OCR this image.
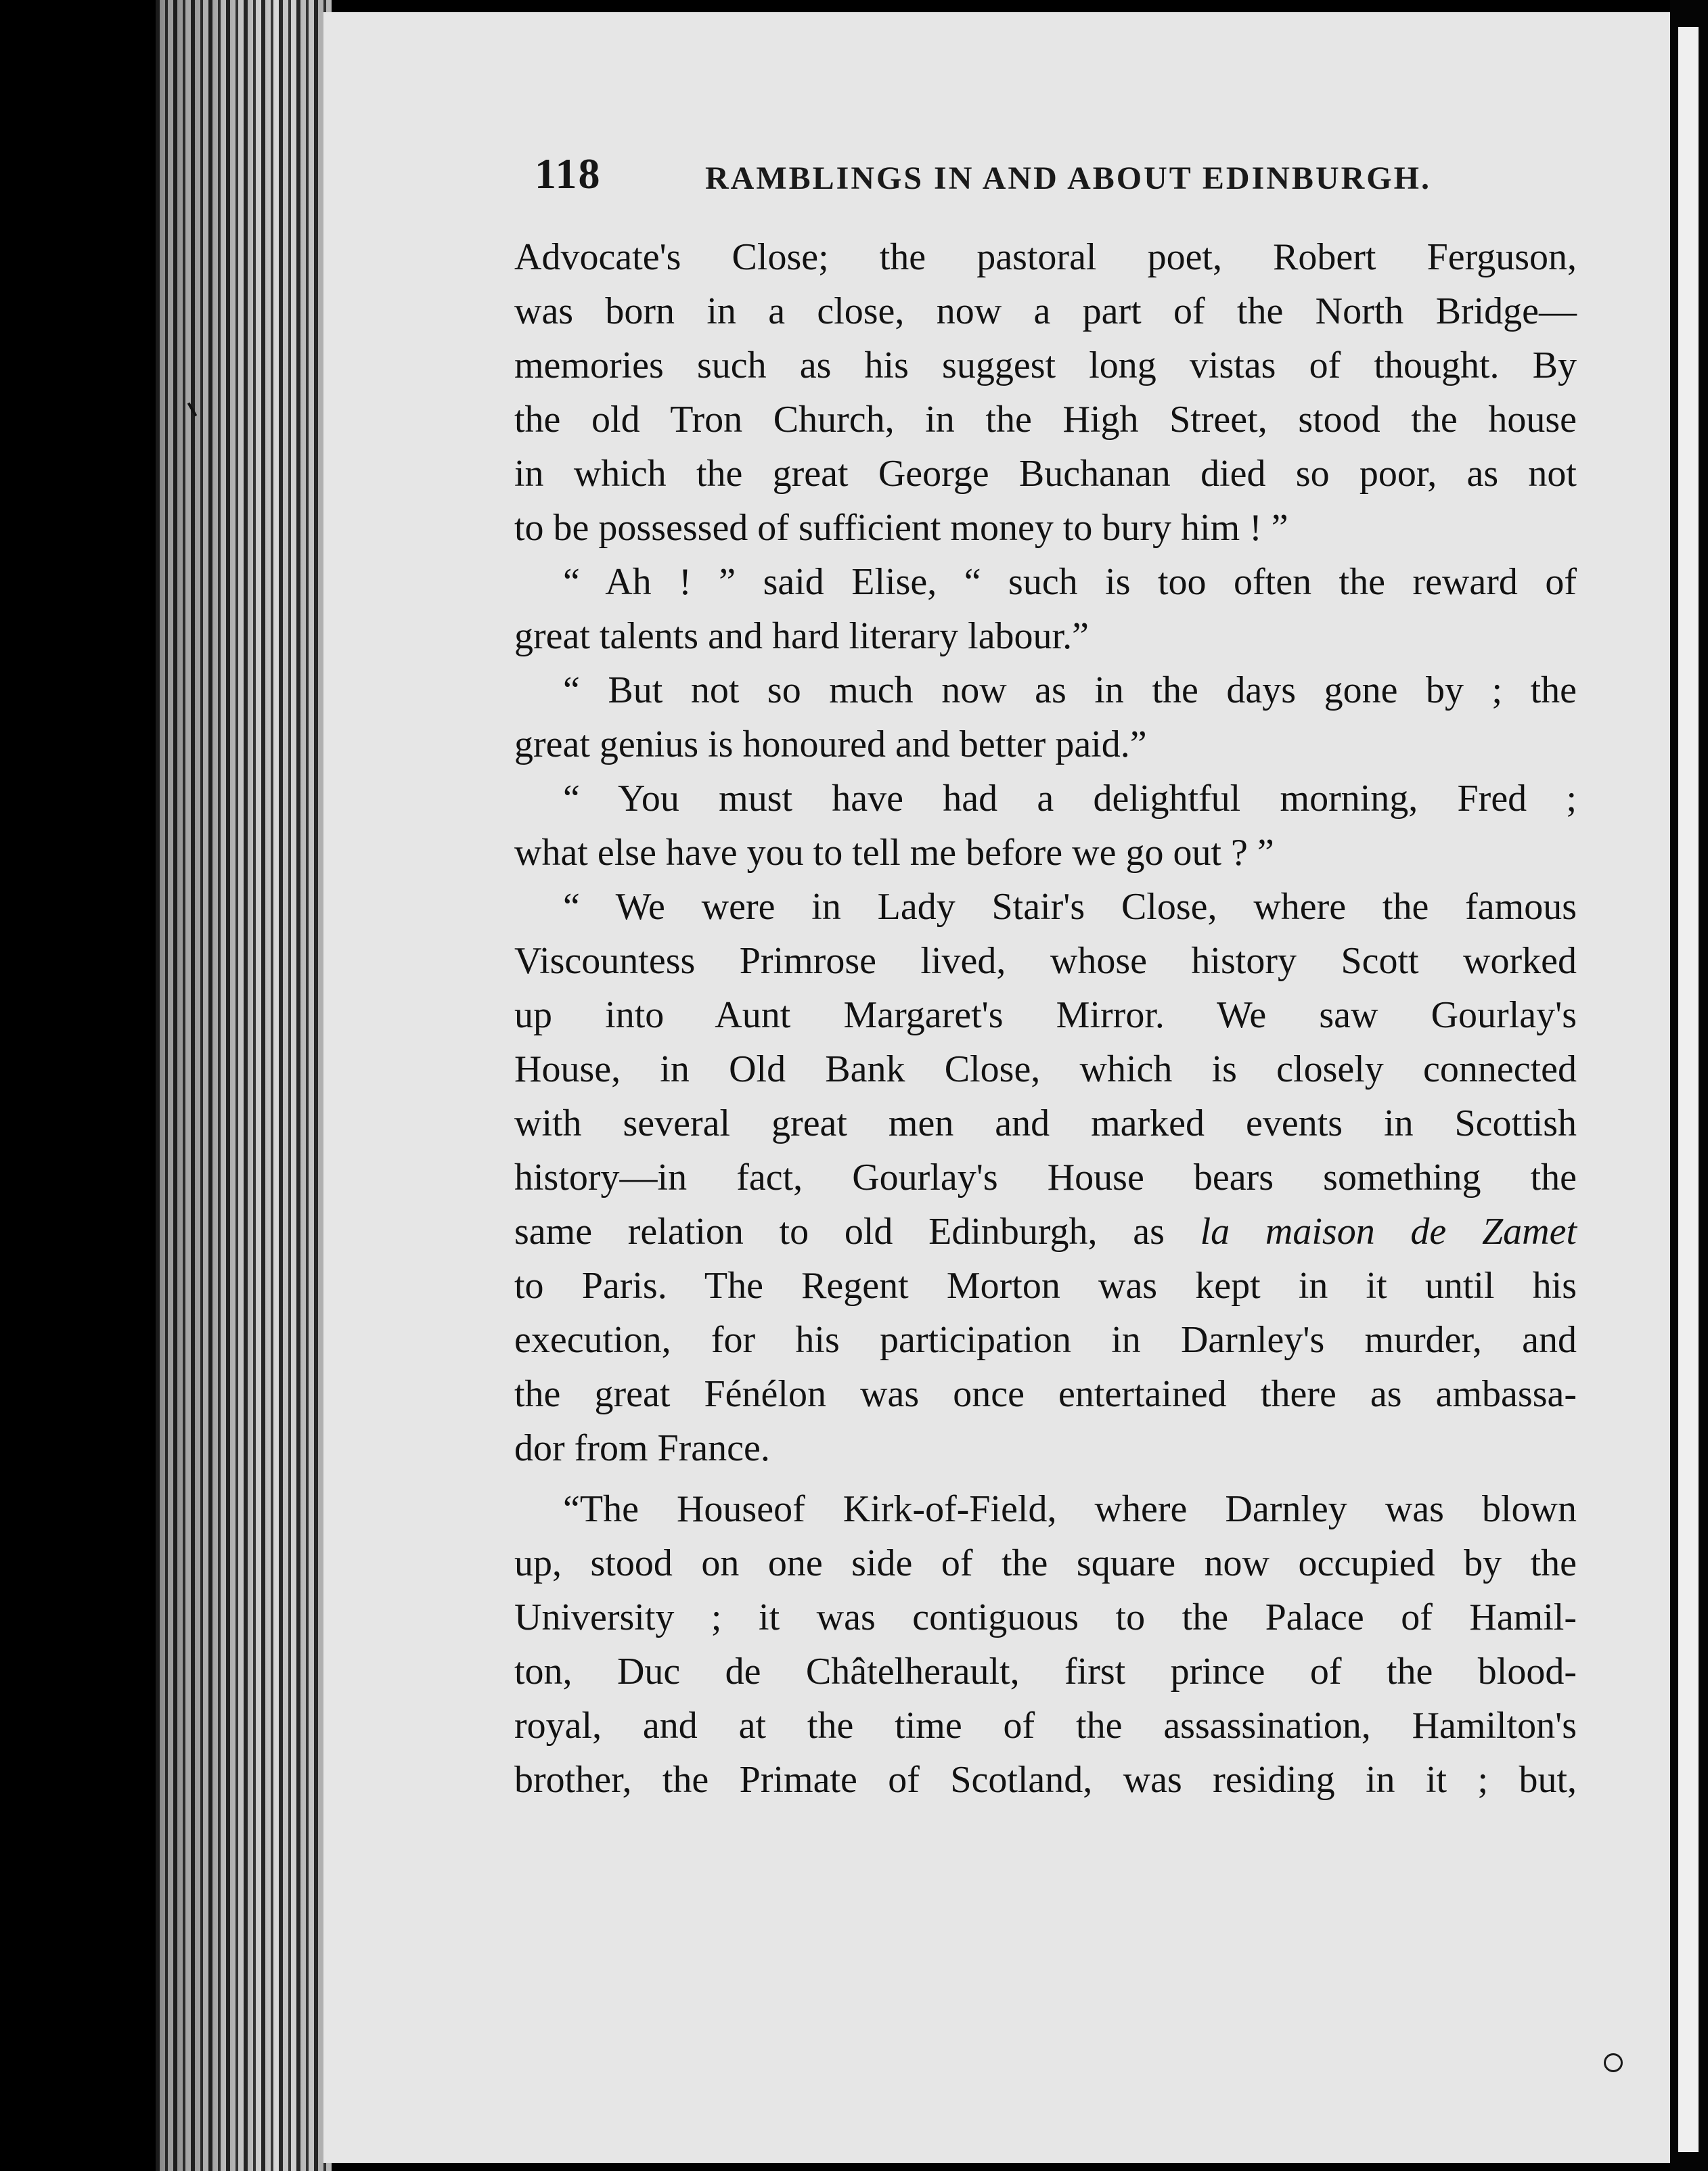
118	RAMBLINGS IN AND ABOUT EDINBURGH.
Advocate's Close; the pastoral poet, Robert Ferguson,
was born in a close, now a part of the North Bridge—
memories such as his suggest long vistas of thought. By
the old Tron Church, in the High Street, stood the house
in which the great George Buchanan died so poor, as not
to be possessed of sufficient money to bury him ! ”
“ Ah ! ” said Elise, “ such is too often the reward of
great talents and hard literary labour.”
“ But not so much now as in the days gone by ; the
great genius is honoured and better paid.”
“ You must have had a delightful morning, Fred ;
what else have you to tell me before we go out ? ”
“ We were in Lady Stair's Close, where the famous
Viscountess Primrose lived, whose history Scott worked
up into Aunt Margaret's Mirror. We saw Gourlay's
House, in Old Bank Close, which is closely connected
with several great men and marked events in Scottish
history—in fact, Gourlay's House bears something the
same relation to old Edinburgh, as la maison de Zamet
to Paris. The Regent Morton was kept in it until his
execution, for his participation in Darnley's murder, and
the great Fénélon was once entertained there as ambassa-
dor from France.
“The Houseof Kirk-of-Field, where Darnley was blown
up, stood on one side of the square now occupied by the
University ; it was contiguous to the Palace of Hamil-
ton, Duc de Châtelherault, first prince of the blood-
royal, and at the time of the assassination, Hamilton's
brother, the Primate of Scotland, was residing in it ; but,
